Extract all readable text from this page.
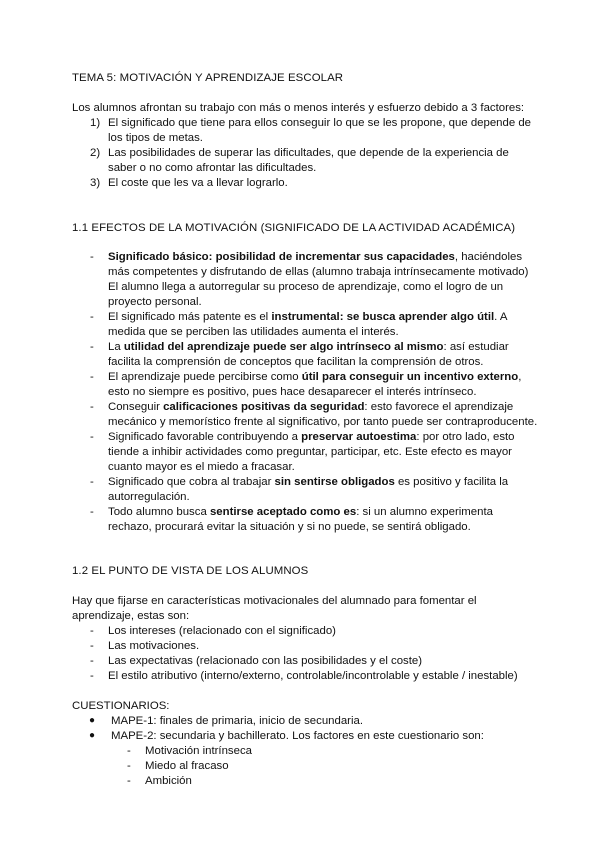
TEMA 5: MOTIVACIÓN Y APRENDIZAJE ESCOLAR
Los alumnos afrontan su trabajo con más o menos interés y esfuerzo debido a 3 factores:
1) El significado que tiene para ellos conseguir lo que se les propone, que depende de
los tipos de metas.
2) Las posibilidades de superar las dificultades, que depende de la experiencia de
saber o no como afrontar las dificultades.
3) El coste que les va a llevar lograrlo.
1.1 EFECTOS DE LA MOTIVACIÓN (SIGNIFICADO DE LA ACTIVIDAD ACADÉMICA)
- Significado básico: posibilidad de incrementar sus capacidades, haciéndoles
más competentes y disfrutando de ellas (alumno trabaja intrínsecamente motivado)
El alumno llega a autorregular su proceso de aprendizaje, como el logro de un
proyecto personal.
- El significado más patente es el instrumental: se busca aprender algo útil. A
medida que se perciben las utilidades aumenta el interés.
- La utilidad del aprendizaje puede ser algo intrínseco al mismo: así estudiar
facilita la comprensión de conceptos que facilitan la comprensión de otros.
- El aprendizaje puede percibirse como útil para conseguir un incentivo externo,
esto no siempre es positivo, pues hace desaparecer el interés intrínseco.
- Conseguir calificaciones positivas da seguridad: esto favorece el aprendizaje
mecánico y memorístico frente al significativo, por tanto puede ser contraproducente.
- Significado favorable contribuyendo a preservar autoestima: por otro lado, esto
tiende a inhibir actividades como preguntar, participar, etc. Este efecto es mayor
cuanto mayor es el miedo a fracasar.
- Significado que cobra al trabajar sin sentirse obligados es positivo y facilita la
autorregulación.
- Todo alumno busca sentirse aceptado como es: si un alumno experimenta
rechazo, procurará evitar la situación y si no puede, se sentirá obligado.
1.2 EL PUNTO DE VISTA DE LOS ALUMNOS
Hay que fijarse en características motivacionales del alumnado para fomentar el
aprendizaje, estas son:
- Los intereses (relacionado con el significado)
- Las motivaciones.
- Las expectativas (relacionado con las posibilidades y el coste)
- El estilo atributivo (interno/externo, controlable/incontrolable y estable / inestable)
CUESTIONARIOS:
● MAPE-1: finales de primaria, inicio de secundaria.
● MAPE-2: secundaria y bachillerato. Los factores en este cuestionario son:
- Motivación intrínseca
- Miedo al fracaso
- Ambición
